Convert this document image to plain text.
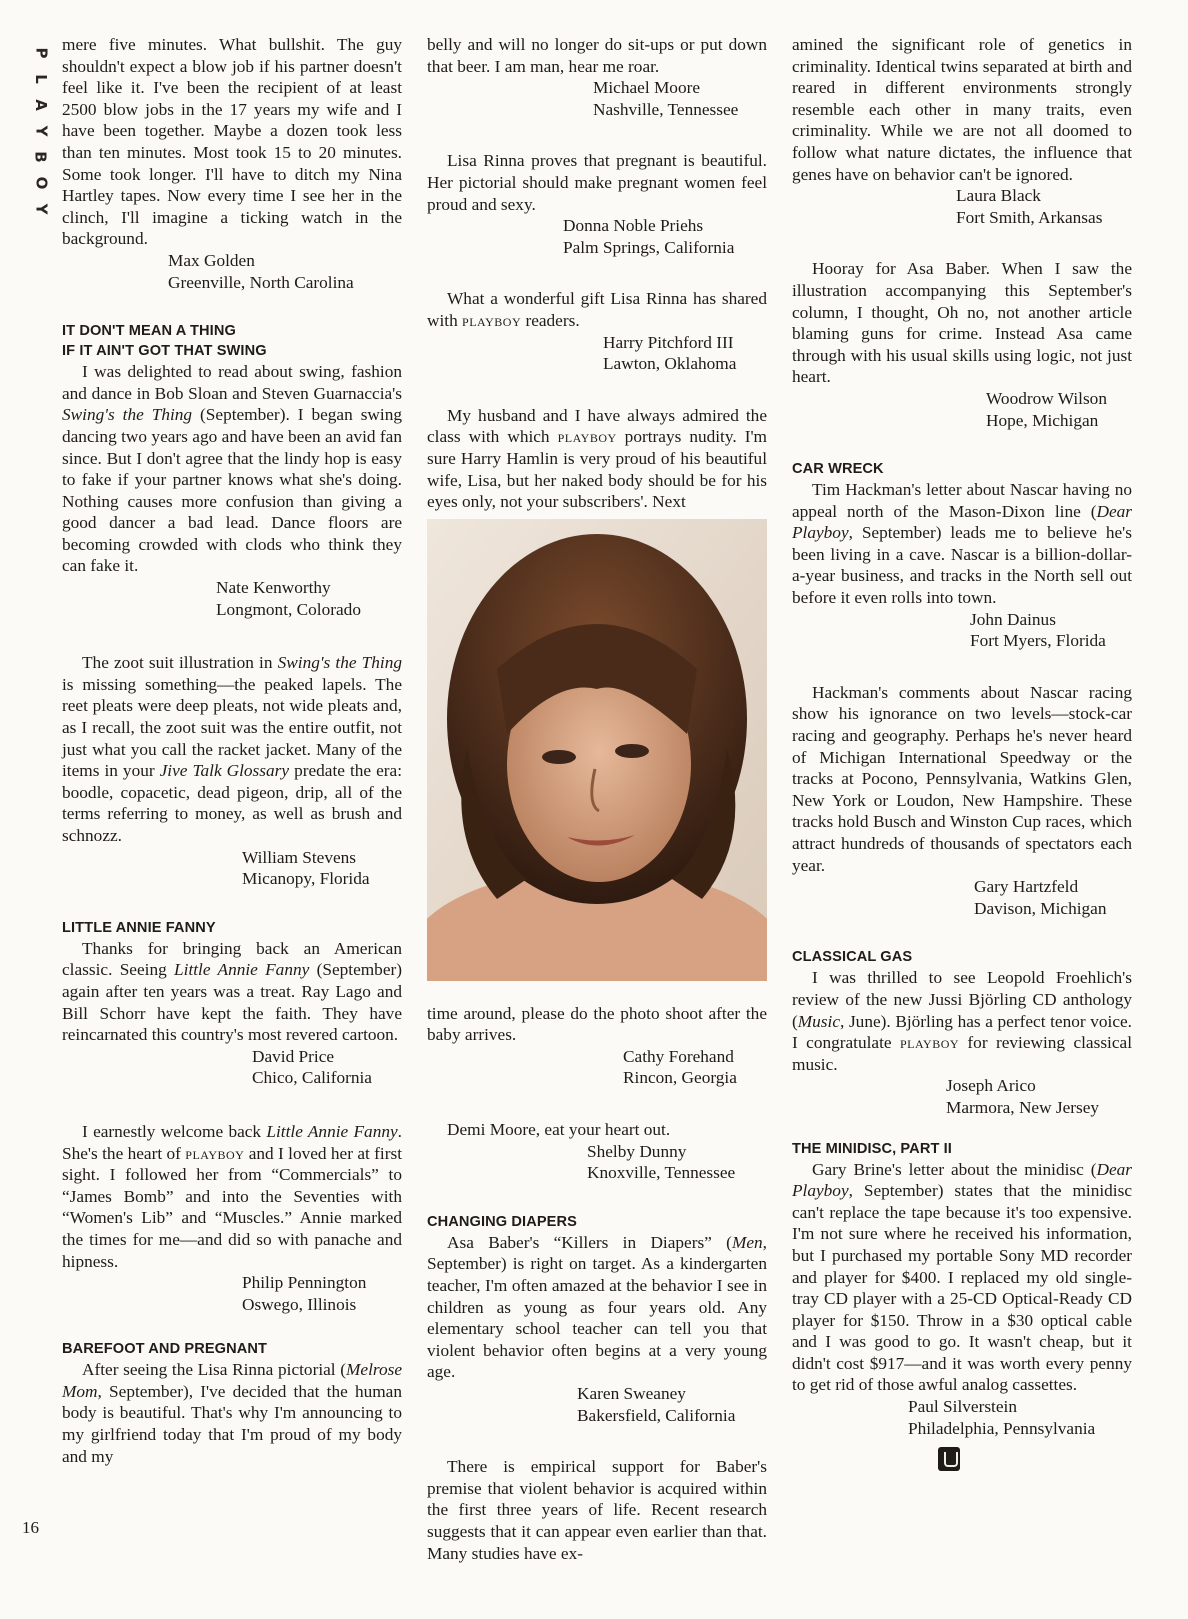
P
L
A
Y
B
O
Y
16

mere five minutes. What bullshit. The guy shouldn't expect a blow job if his partner doesn't feel like it. I've been the recipient of at least 2500 blow jobs in the 17 years my wife and I have been together. Maybe a dozen took less than ten minutes. Most took 15 to 20 minutes. Some took longer. I'll have to ditch my Nina Hartley tapes. Now every time I see her in the clinch, I'll imagine a ticking watch in the background.

Max Golden
Greenville, North Carolina
IT DON'T MEAN A THING
IF IT AIN'T GOT THAT SWING

I was delighted to read about swing, fashion and dance in Bob Sloan and Steven Guarnaccia's Swing's the Thing (September). I began swing dancing two years ago and have been an avid fan since. But I don't agree that the lindy hop is easy to fake if your partner knows what she's doing. Nothing causes more confusion than giving a good dancer a bad lead. Dance floors are becoming crowded with clods who think they can fake it.

Nate Kenworthy
Longmont, Colorado

The zoot suit illustration in Swing's the Thing is missing something—the peaked lapels. The reet pleats were deep pleats, not wide pleats and, as I recall, the zoot suit was the entire outfit, not just what you call the racket jacket. Many of the items in your Jive Talk Glossary predate the era: boodle, copacetic, dead pigeon, drip, all of the terms referring to money, as well as brush and schnozz.

William Stevens
Micanopy, Florida
LITTLE ANNIE FANNY

Thanks for bringing back an American classic. Seeing Little Annie Fanny (September) again after ten years was a treat. Ray Lago and Bill Schorr have kept the faith. They have reincarnated this country's most revered cartoon.

David Price
Chico, California

I earnestly welcome back Little Annie Fanny. She's the heart of playboy and I loved her at first sight. I followed her from “Commercials” to “James Bomb” and into the Seventies with “Women's Lib” and “Muscles.” Annie marked the times for me—and did so with panache and hipness.

Philip Pennington
Oswego, Illinois
BAREFOOT AND PREGNANT

After seeing the Lisa Rinna pictorial (Melrose Mom, September), I've decided that the human body is beautiful. That's why I'm announcing to my girlfriend today that I'm proud of my body and my

belly and will no longer do sit-ups or put down that beer. I am man, hear me roar.

Michael Moore
Nashville, Tennessee

Lisa Rinna proves that pregnant is beautiful. Her pictorial should make pregnant women feel proud and sexy.

Donna Noble Priehs
Palm Springs, California

What a wonderful gift Lisa Rinna has shared with playboy readers.

Harry Pitchford III
Lawton, Oklahoma

My husband and I have always admired the class with which playboy portrays nudity. I'm sure Harry Hamlin is very proud of his beautiful wife, Lisa, but her naked body should be for his eyes only, not your subscribers'. Next

time around, please do the photo shoot after the baby arrives.

Cathy Forehand
Rincon, Georgia

Demi Moore, eat your heart out.

Shelby Dunny
Knoxville, Tennessee
CHANGING DIAPERS

Asa Baber's “Killers in Diapers” (Men, September) is right on target. As a kindergarten teacher, I'm often amazed at the behavior I see in children as young as four years old. Any elementary school teacher can tell you that violent behavior often begins at a very young age.

Karen Sweaney
Bakersfield, California

There is empirical support for Baber's premise that violent behavior is acquired within the first three years of life. Recent research suggests that it can appear even earlier than that. Many studies have ex-

amined the significant role of genetics in criminality. Identical twins separated at birth and reared in different environments strongly resemble each other in many traits, even criminality. While we are not all doomed to follow what nature dictates, the influence that genes have on behavior can't be ignored.

Laura Black
Fort Smith, Arkansas

Hooray for Asa Baber. When I saw the illustration accompanying this September's column, I thought, Oh no, not another article blaming guns for crime. Instead Asa came through with his usual skills using logic, not just heart.

Woodrow Wilson
Hope, Michigan
CAR WRECK

Tim Hackman's letter about Nascar having no appeal north of the Mason-Dixon line (Dear Playboy, September) leads me to believe he's been living in a cave. Nascar is a billion-dollar-a-year business, and tracks in the North sell out before it even rolls into town.

John Dainus
Fort Myers, Florida

Hackman's comments about Nascar racing show his ignorance on two levels—stock-car racing and geography. Perhaps he's never heard of Michigan International Speedway or the tracks at Pocono, Pennsylvania, Watkins Glen, New York or Loudon, New Hampshire. These tracks hold Busch and Winston Cup races, which attract hundreds of thousands of spectators each year.

Gary Hartzfeld
Davison, Michigan
CLASSICAL GAS

I was thrilled to see Leopold Froehlich's review of the new Jussi Björling CD anthology (Music, June). Björling has a perfect tenor voice. I congratulate playboy for reviewing classical music.

Joseph Arico
Marmora, New Jersey
THE MINIDISC, PART II

Gary Brine's letter about the minidisc (Dear Playboy, September) states that the minidisc can't replace the tape because it's too expensive. I'm not sure where he received his information, but I purchased my portable Sony MD recorder and player for $400. I replaced my old single-tray CD player with a 25-CD Optical-Ready CD player for $150. Throw in a $30 optical cable and I was good to go. It wasn't cheap, but it didn't cost $917—and it was worth every penny to get rid of those awful analog cassettes.

Paul Silverstein
Philadelphia, Pennsylvania
